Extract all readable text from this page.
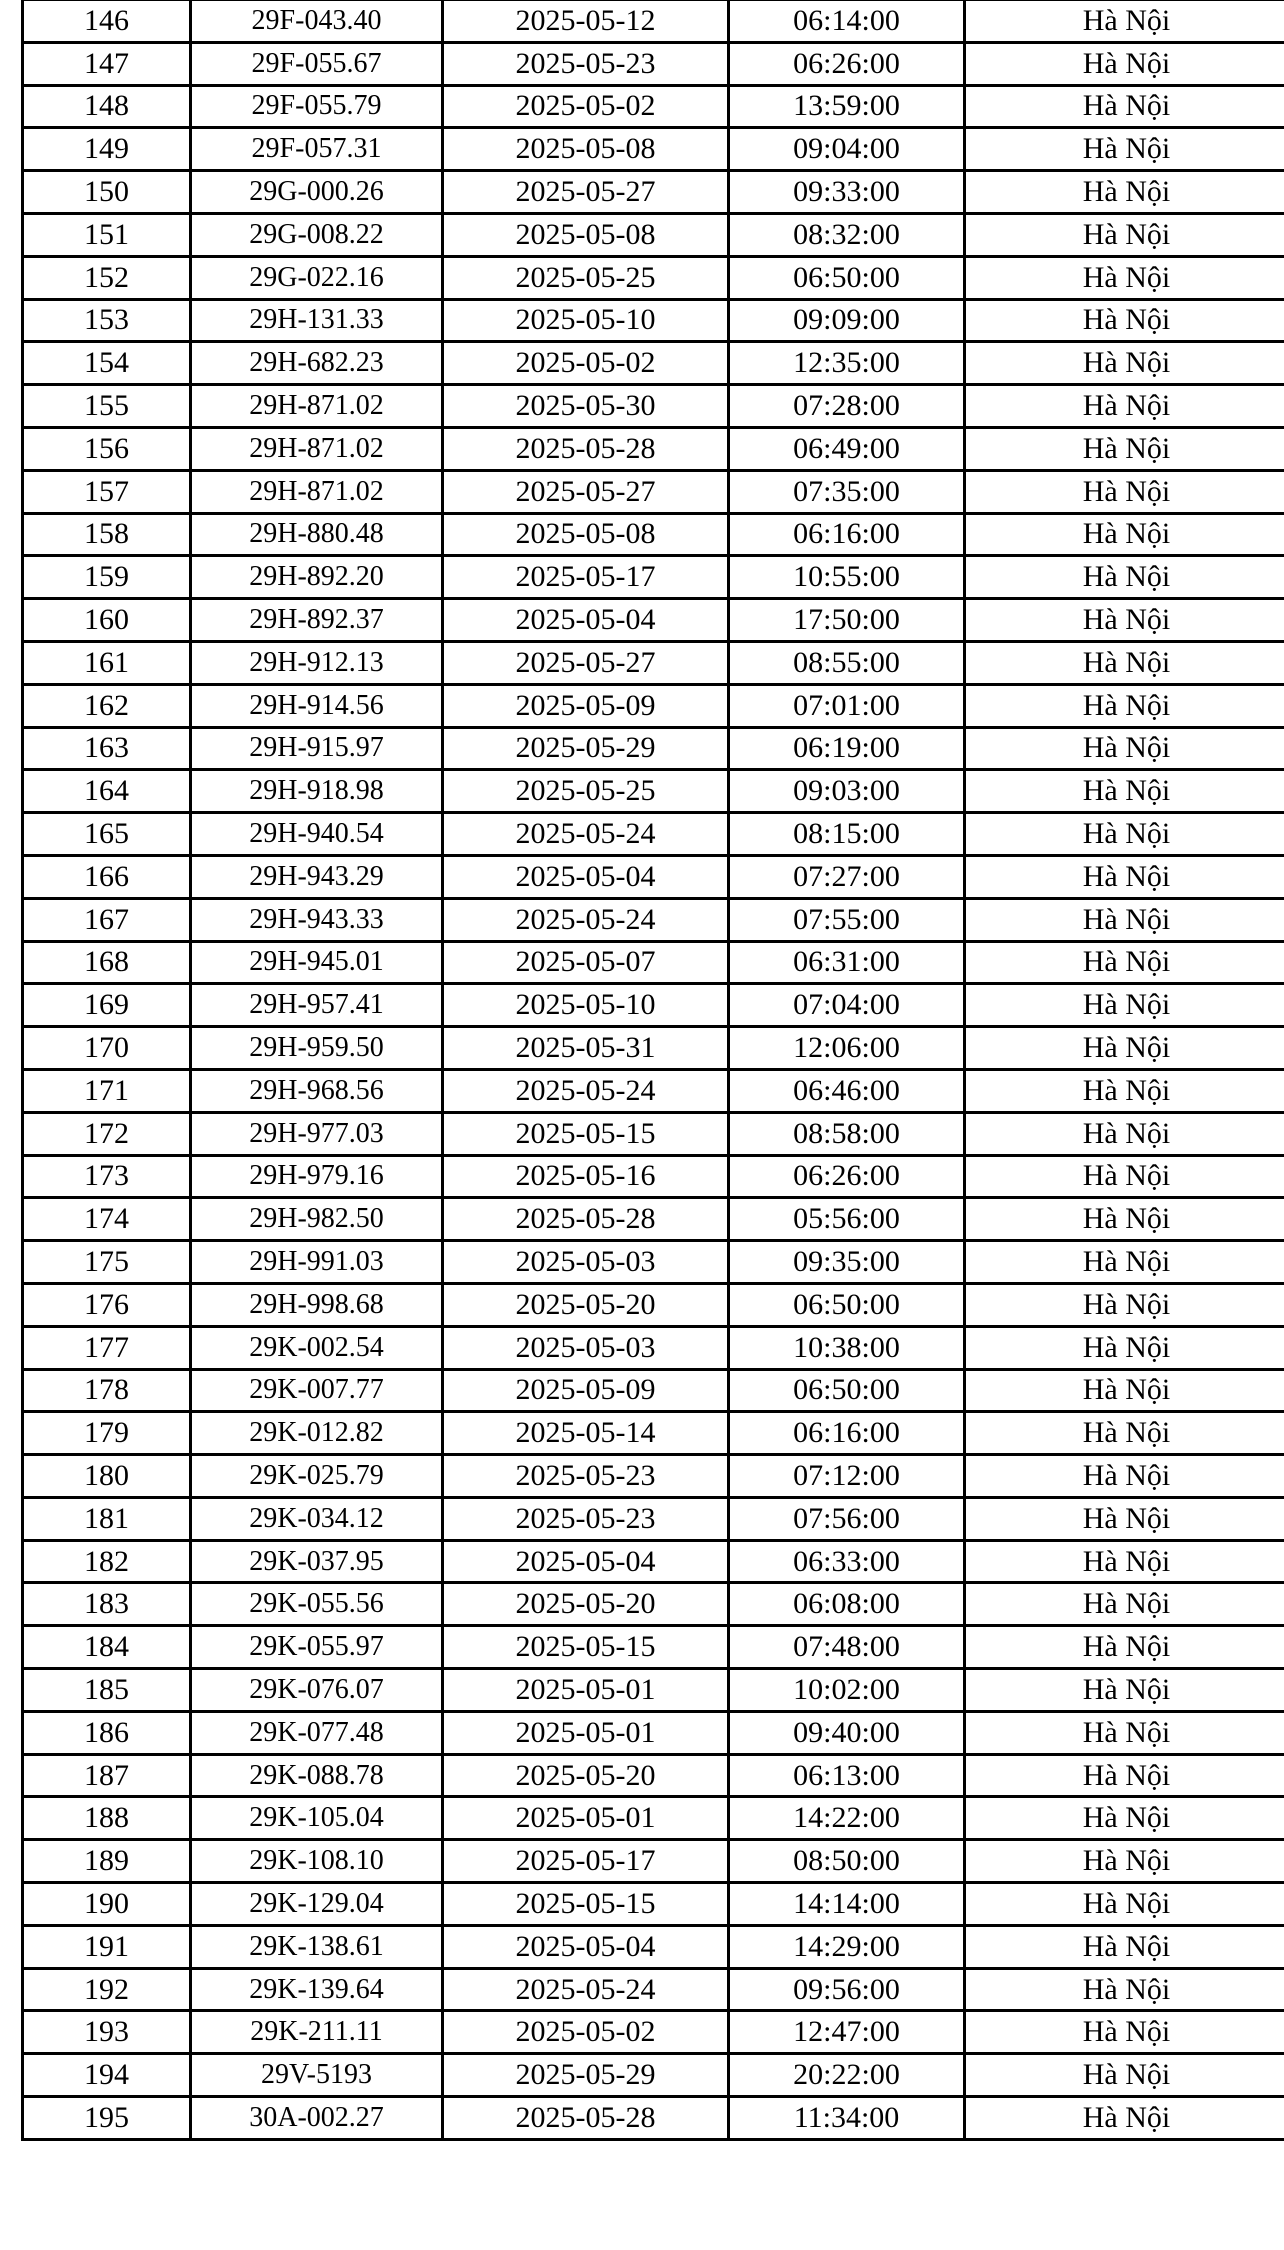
146	29F-043.40	2025-05-12	06:14:00	Hà Nội
147	29F-055.67	2025-05-23	06:26:00	Hà Nội
148	29F-055.79	2025-05-02	13:59:00	Hà Nội
149	29F-057.31	2025-05-08	09:04:00	Hà Nội
150	29G-000.26	2025-05-27	09:33:00	Hà Nội
151	29G-008.22	2025-05-08	08:32:00	Hà Nội
152	29G-022.16	2025-05-25	06:50:00	Hà Nội
153	29H-131.33	2025-05-10	09:09:00	Hà Nội
154	29H-682.23	2025-05-02	12:35:00	Hà Nội
155	29H-871.02	2025-05-30	07:28:00	Hà Nội
156	29H-871.02	2025-05-28	06:49:00	Hà Nội
157	29H-871.02	2025-05-27	07:35:00	Hà Nội
158	29H-880.48	2025-05-08	06:16:00	Hà Nội
159	29H-892.20	2025-05-17	10:55:00	Hà Nội
160	29H-892.37	2025-05-04	17:50:00	Hà Nội
161	29H-912.13	2025-05-27	08:55:00	Hà Nội
162	29H-914.56	2025-05-09	07:01:00	Hà Nội
163	29H-915.97	2025-05-29	06:19:00	Hà Nội
164	29H-918.98	2025-05-25	09:03:00	Hà Nội
165	29H-940.54	2025-05-24	08:15:00	Hà Nội
166	29H-943.29	2025-05-04	07:27:00	Hà Nội
167	29H-943.33	2025-05-24	07:55:00	Hà Nội
168	29H-945.01	2025-05-07	06:31:00	Hà Nội
169	29H-957.41	2025-05-10	07:04:00	Hà Nội
170	29H-959.50	2025-05-31	12:06:00	Hà Nội
171	29H-968.56	2025-05-24	06:46:00	Hà Nội
172	29H-977.03	2025-05-15	08:58:00	Hà Nội
173	29H-979.16	2025-05-16	06:26:00	Hà Nội
174	29H-982.50	2025-05-28	05:56:00	Hà Nội
175	29H-991.03	2025-05-03	09:35:00	Hà Nội
176	29H-998.68	2025-05-20	06:50:00	Hà Nội
177	29K-002.54	2025-05-03	10:38:00	Hà Nội
178	29K-007.77	2025-05-09	06:50:00	Hà Nội
179	29K-012.82	2025-05-14	06:16:00	Hà Nội
180	29K-025.79	2025-05-23	07:12:00	Hà Nội
181	29K-034.12	2025-05-23	07:56:00	Hà Nội
182	29K-037.95	2025-05-04	06:33:00	Hà Nội
183	29K-055.56	2025-05-20	06:08:00	Hà Nội
184	29K-055.97	2025-05-15	07:48:00	Hà Nội
185	29K-076.07	2025-05-01	10:02:00	Hà Nội
186	29K-077.48	2025-05-01	09:40:00	Hà Nội
187	29K-088.78	2025-05-20	06:13:00	Hà Nội
188	29K-105.04	2025-05-01	14:22:00	Hà Nội
189	29K-108.10	2025-05-17	08:50:00	Hà Nội
190	29K-129.04	2025-05-15	14:14:00	Hà Nội
191	29K-138.61	2025-05-04	14:29:00	Hà Nội
192	29K-139.64	2025-05-24	09:56:00	Hà Nội
193	29K-211.11	2025-05-02	12:47:00	Hà Nội
194	29V-5193	2025-05-29	20:22:00	Hà Nội
195	30A-002.27	2025-05-28	11:34:00	Hà Nội
